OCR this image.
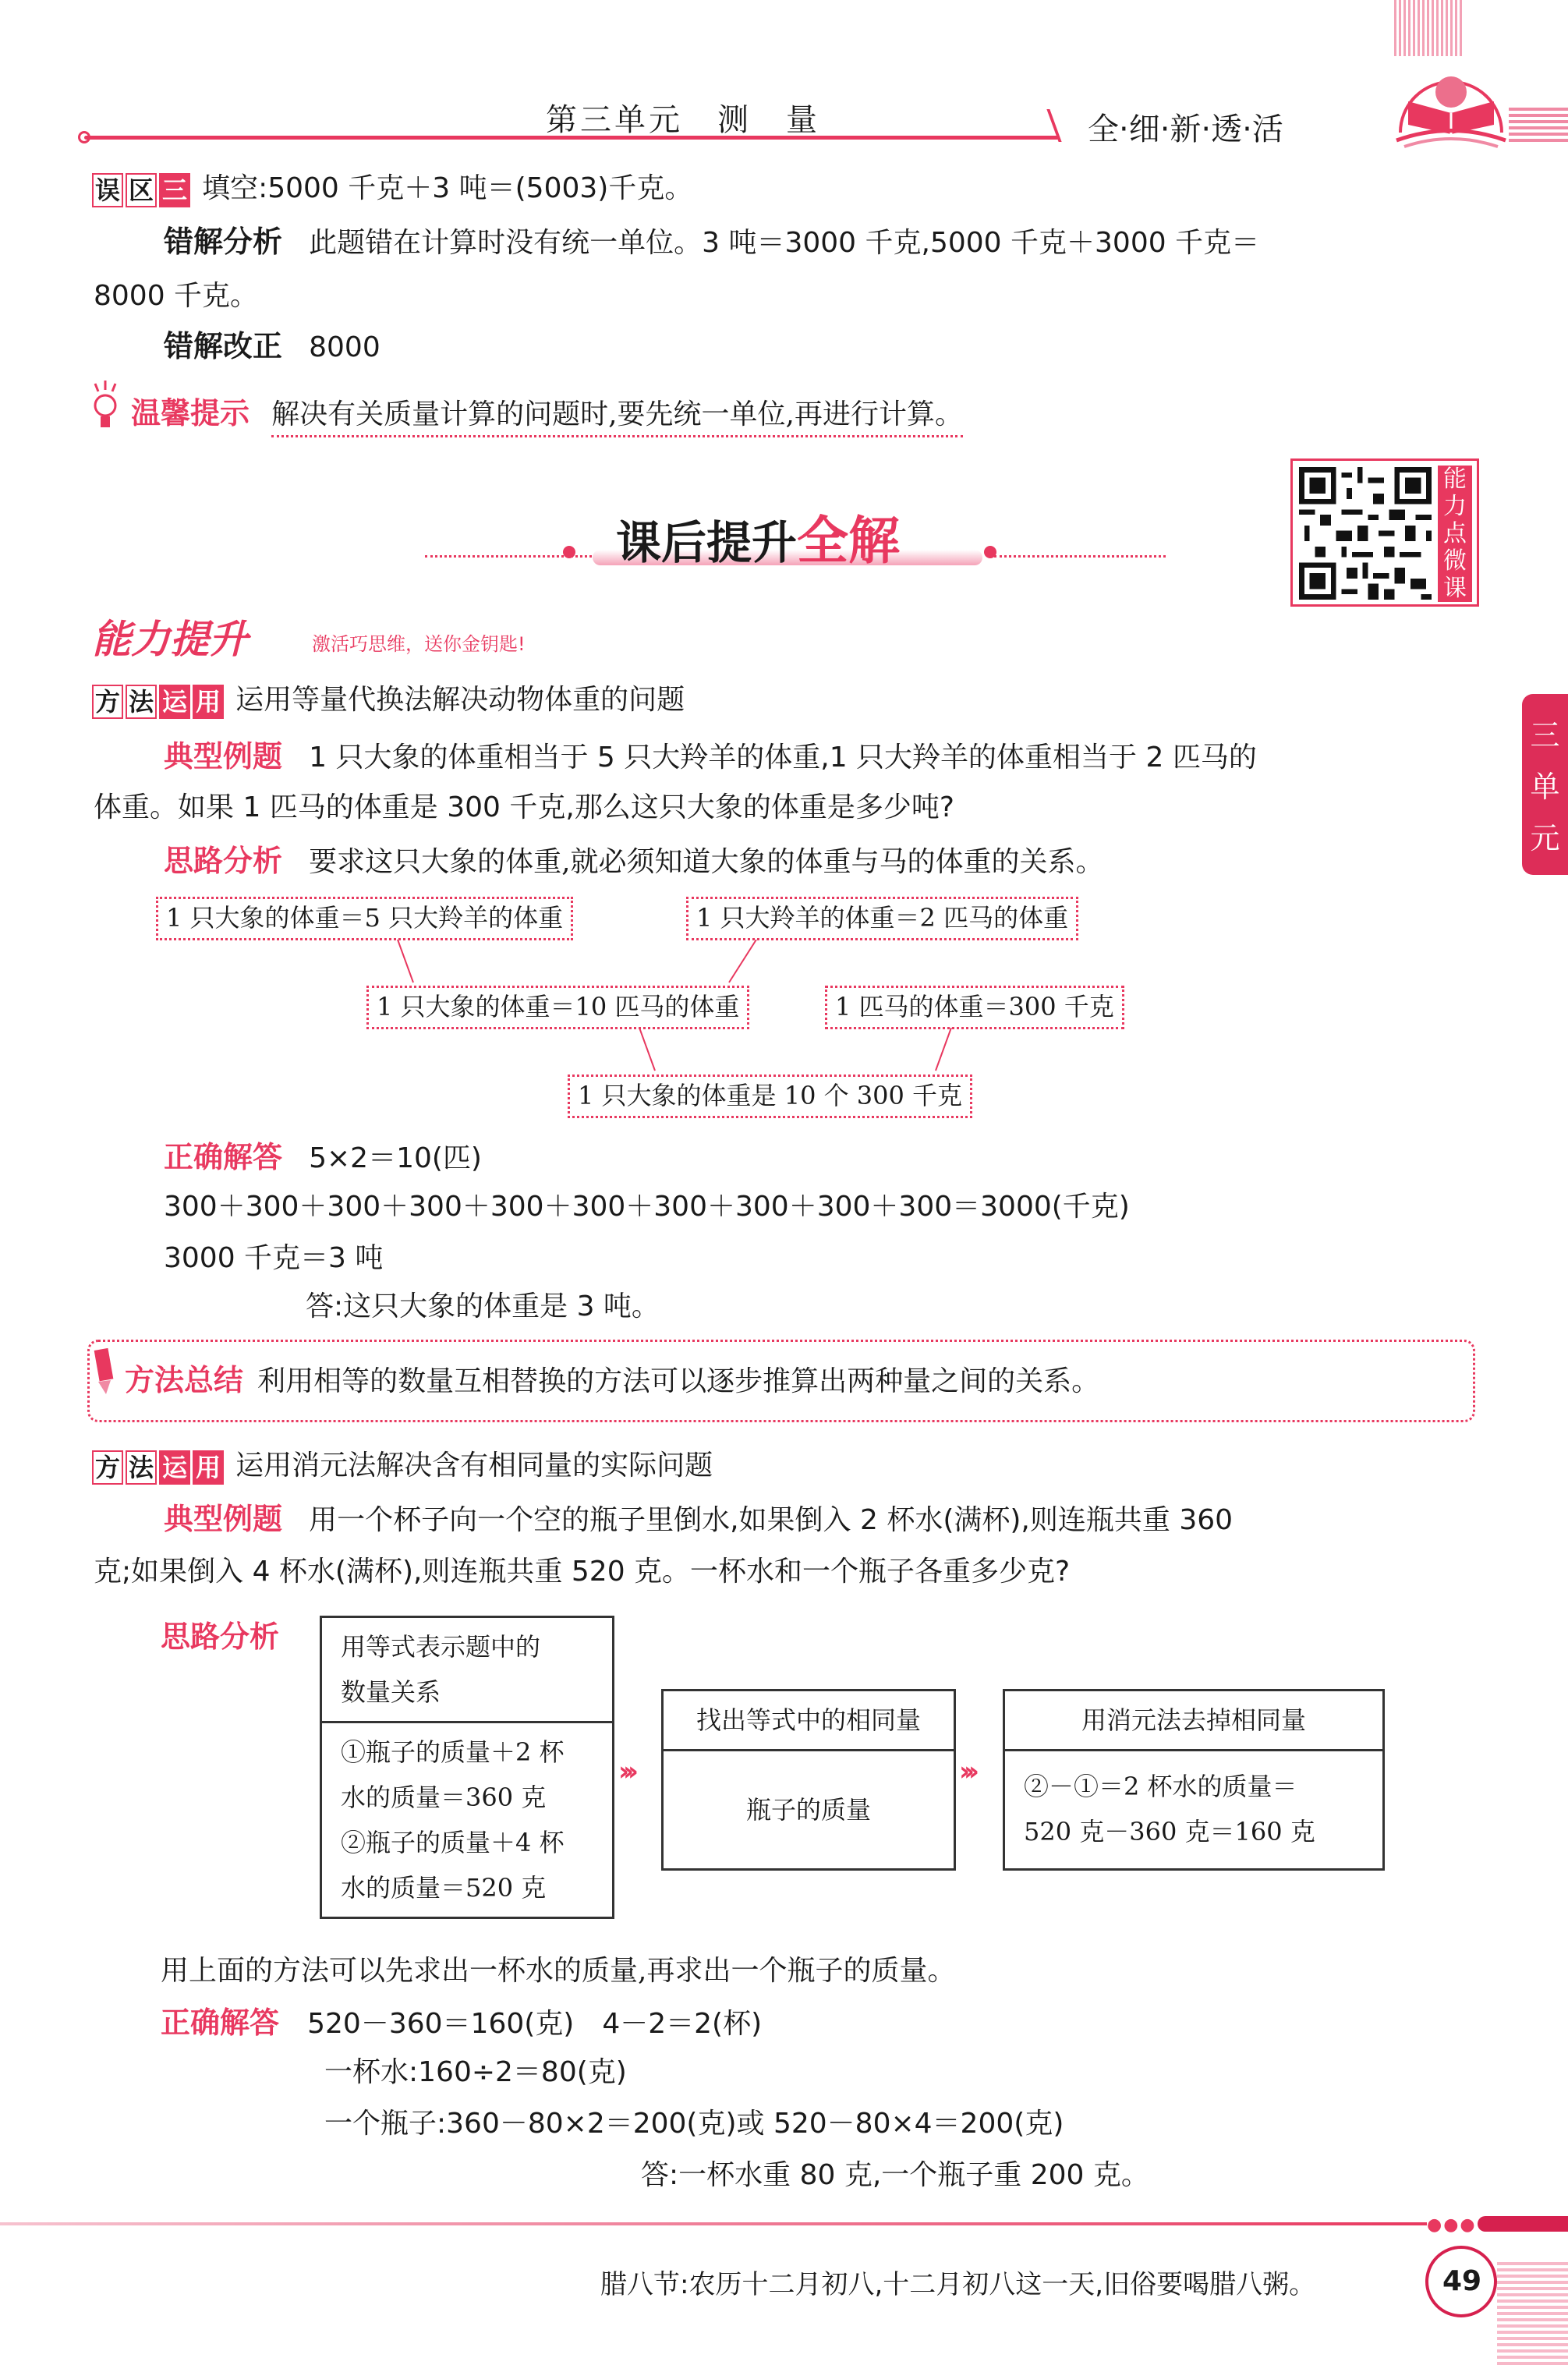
第三单元　测　量	全·细·新·透·活
误 区 三 填空:5000 千克＋3 吨＝(5003)千克。
错解分析 此题错在计算时没有统一单位。3 吨＝3000 千克,5000 千克＋3000 千克＝
8000 千克。
错解改正 8000
温馨提示 解决有关质量计算的问题时,要先统一单位,再进行计算。
课后提升全解
能
力
点
微
课
能力提升	激活巧思维，送你金钥匙!
三
单
元
方 法 运 用 运用等量代换法解决动物体重的问题
典型例题 1 只大象的体重相当于 5 只大羚羊的体重,1 只大羚羊的体重相当于 2 匹马的
体重。如果 1 匹马的体重是 300 千克,那么这只大象的体重是多少吨?
思路分析 要求这只大象的体重,就必须知道大象的体重与马的体重的关系。
1 只大象的体重＝5 只大羚羊的体重	1 只大羚羊的体重＝2 匹马的体重
1 只大象的体重＝10 匹马的体重	1 匹马的体重＝300 千克
1 只大象的体重是 10 个 300 千克
正确解答 5×2＝10(匹)
300＋300＋300＋300＋300＋300＋300＋300＋300＋300＝3000(千克)
3000 千克＝3 吨
答:这只大象的体重是 3 吨。
方法总结 利用相等的数量互相替换的方法可以逐步推算出两种量之间的关系。
方 法 运 用 运用消元法解决含有相同量的实际问题
典型例题 用一个杯子向一个空的瓶子里倒水,如果倒入 2 杯水(满杯),则连瓶共重 360
克;如果倒入 4 杯水(满杯),则连瓶共重 520 克。一杯水和一个瓶子各重多少克?
思路分析 用等式表示题中的
数量关系
①瓶子的质量＋2 杯
水的质量＝360 克
②瓶子的质量＋4 杯
水的质量＝520 克
›››
找出等式中的相同量
瓶子的质量
›››
用消元法去掉相同量
②－①＝2 杯水的质量＝
520 克－360 克＝160 克
用上面的方法可以先求出一杯水的质量,再求出一个瓶子的质量。
正确解答 520－360＝160(克)　4－2＝2(杯)
一杯水:160÷2＝80(克)
一个瓶子:360－80×2＝200(克)或 520－80×4＝200(克)
答:一杯水重 80 克,一个瓶子重 200 克。
●●●
腊八节:农历十二月初八,十二月初八这一天,旧俗要喝腊八粥。	49
